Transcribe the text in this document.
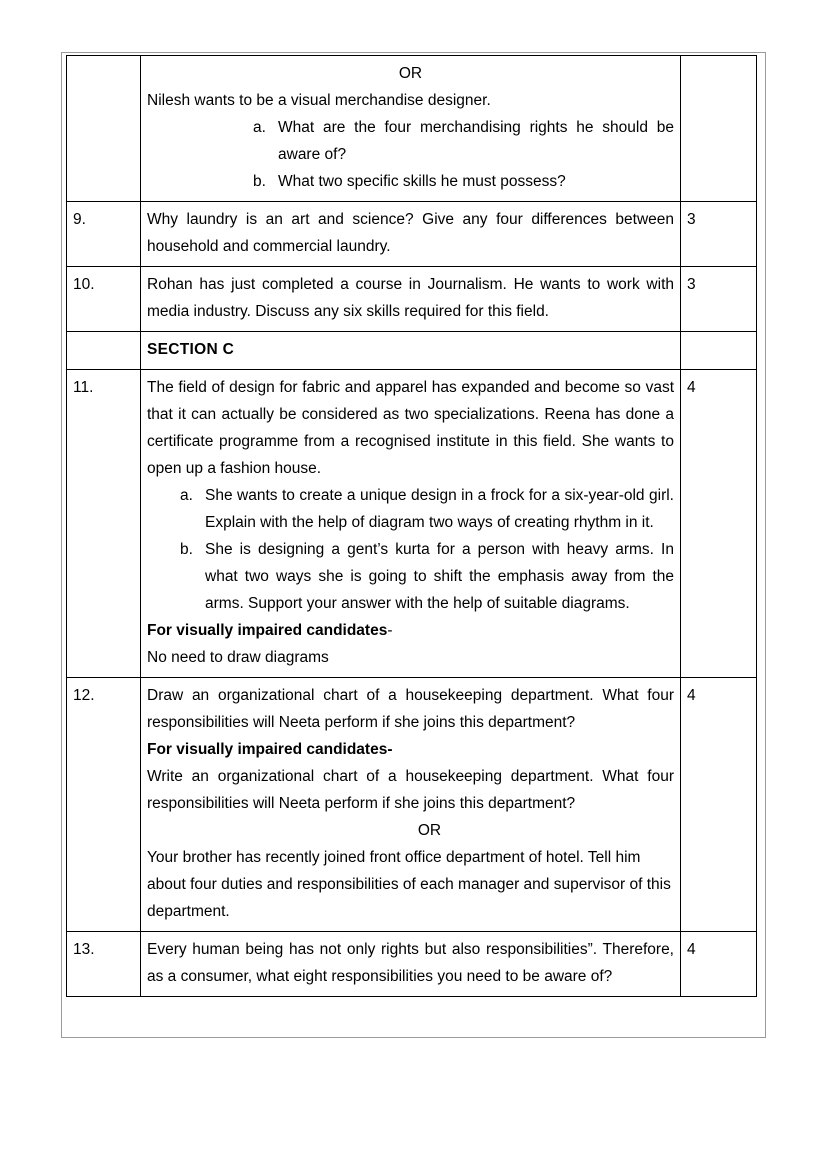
OR
Nilesh wants to be a visual merchandise designer.
a. What are the four merchandising rights he should be aware of?
b. What two specific skills he must possess?

9.	Why laundry is an art and science? Give any four differences between household and commercial laundry.	3
10.	Rohan has just completed a course in Journalism. He wants to work with media industry. Discuss any six skills required for this field.	3
	SECTION C	
11.	The field of design for fabric and apparel has expanded and become so vast that it can actually be considered as two specializations. Reena has done a certificate programme from a recognised institute in this field. She wants to open up a fashion house.
a. She wants to create a unique design in a frock for a six-year-old girl. Explain with the help of diagram two ways of creating rhythm in it.
b. She is designing a gent’s kurta for a person with heavy arms. In what two ways she is going to shift the emphasis away from the arms. Support your answer with the help of suitable diagrams.
For visually impaired candidates-
No need to draw diagrams
	4
12.	Draw an organizational chart of a housekeeping department. What four responsibilities will Neeta perform if she joins this department?
For visually impaired candidates-
Write an organizational chart of a housekeeping department. What four responsibilities will Neeta perform if she joins this department?
OR
Your brother has recently joined front office department of hotel. Tell him about four duties and responsibilities of each manager and supervisor of this department.	4
13.	Every human being has not only rights but also responsibilities”. Therefore, as a consumer, what eight responsibilities you need to be aware of?	4
